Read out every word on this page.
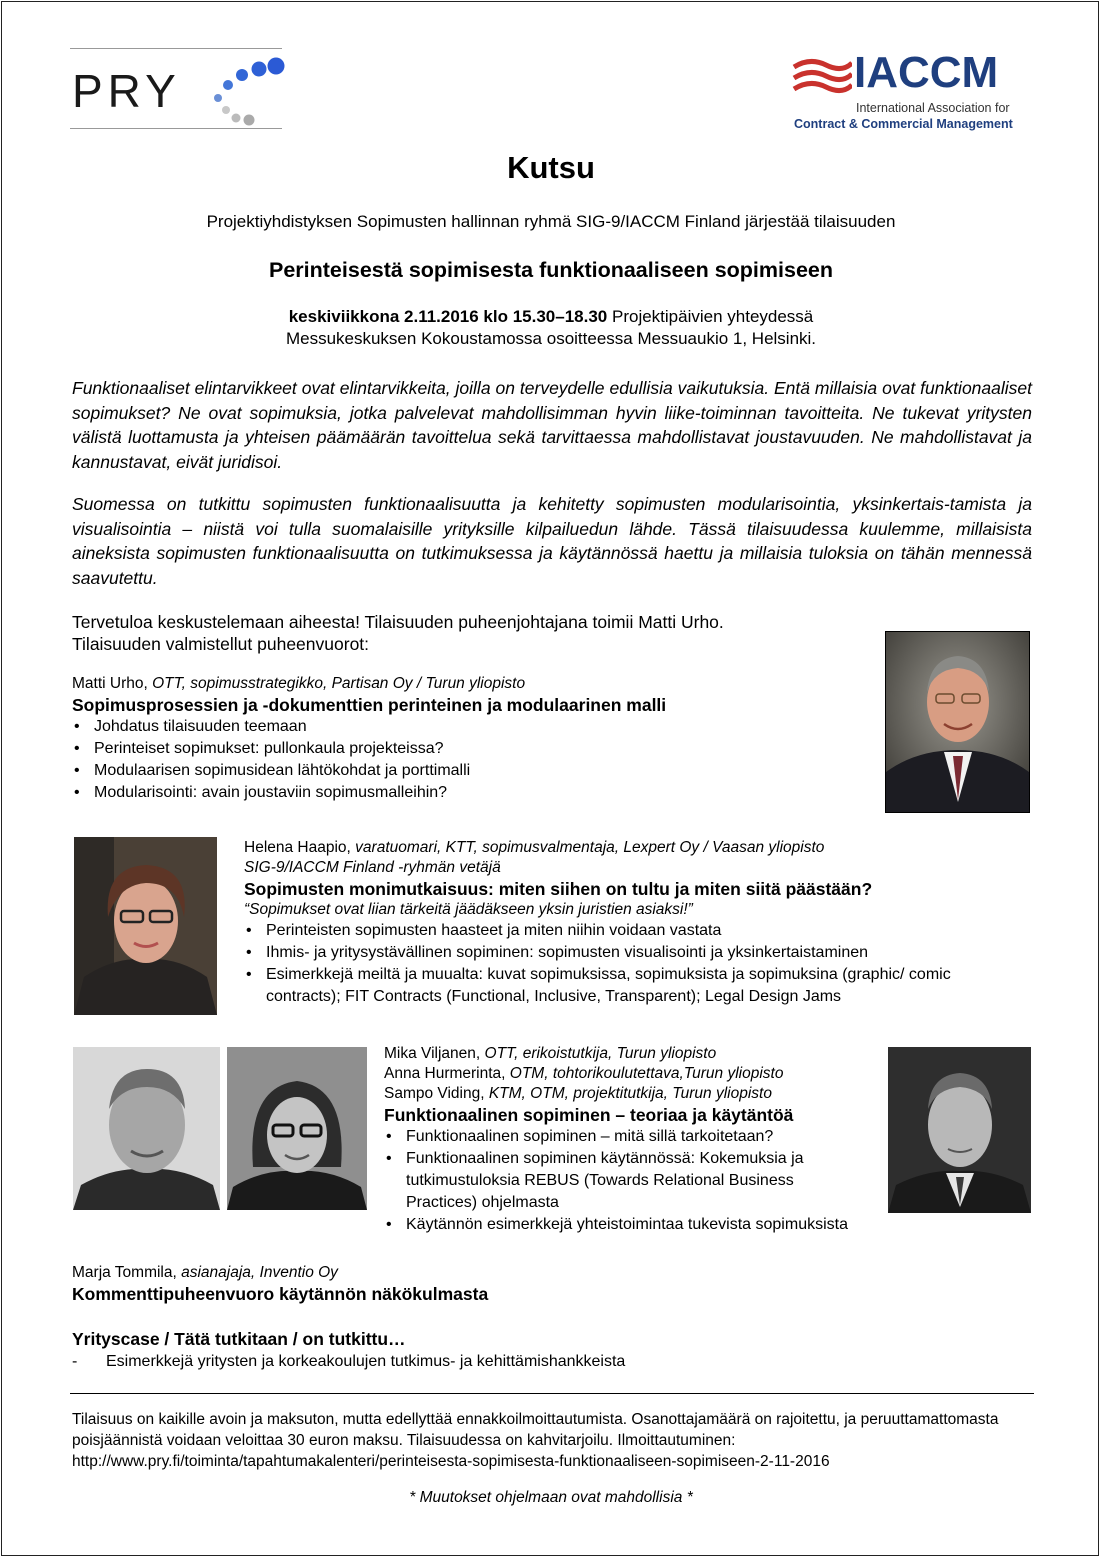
PRY	IACCM
International Association for
Contract & Commercial Management
Kutsu
Projektiyhdistyksen Sopimusten hallinnan ryhmä SIG-9/IACCM Finland järjestää tilaisuuden
Perinteisestä sopimisesta funktionaaliseen sopimiseen
keskiviikkona 2.11.2016 klo 15.30–18.30 Projektipäivien yhteydessä
Messukeskuksen Kokoustamossa osoitteessa Messuaukio 1, Helsinki.
Funktionaaliset elintarvikkeet ovat elintarvikkeita, joilla on terveydelle edullisia vaikutuksia. Entä millaisia ovat funktionaaliset sopimukset? Ne ovat sopimuksia, jotka palvelevat mahdollisimman hyvin liike-toiminnan tavoitteita. Ne tukevat yritysten välistä luottamusta ja yhteisen päämäärän tavoittelua sekä tarvittaessa mahdollistavat joustavuuden. Ne mahdollistavat ja kannustavat, eivät juridisoi.
Suomessa on tutkittu sopimusten funktionaalisuutta ja kehitetty sopimusten modularisointia, yksinkertais-tamista ja visualisointia – niistä voi tulla suomalaisille yrityksille kilpailuedun lähde. Tässä tilaisuudessa kuulemme, millaisista aineksista sopimusten funktionaalisuutta on tutkimuksessa ja käytännössä haettu ja millaisia tuloksia on tähän mennessä saavutettu.
Tervetuloa keskustelemaan aiheesta! Tilaisuuden puheenjohtajana toimii Matti Urho.
Tilaisuuden valmistellut puheenvuorot:
Matti Urho, OTT, sopimusstrategikko, Partisan Oy / Turun yliopisto
Sopimusprosessien ja -dokumenttien perinteinen ja modulaarinen malli
• Johdatus tilaisuuden teemaan
• Perinteiset sopimukset: pullonkaula projekteissa?
• Modulaarisen sopimusidean lähtökohdat ja porttimalli
• Modularisointi: avain joustaviin sopimusmalleihin?
Helena Haapio, varatuomari, KTT, sopimusvalmentaja, Lexpert Oy / Vaasan yliopisto
SIG-9/IACCM Finland -ryhmän vetäjä
Sopimusten monimutkaisuus: miten siihen on tultu ja miten siitä päästään?
“Sopimukset ovat liian tärkeitä jäädäkseen yksin juristien asiaksi!”
• Perinteisten sopimusten haasteet ja miten niihin voidaan vastata
• Ihmis- ja yritysystävällinen sopiminen: sopimusten visualisointi ja yksinkertaistaminen
• Esimerkkejä meiltä ja muualta: kuvat sopimuksissa, sopimuksista ja sopimuksina (graphic/ comic contracts); FIT Contracts (Functional, Inclusive, Transparent); Legal Design Jams
Mika Viljanen, OTT, erikoistutkija, Turun yliopisto
Anna Hurmerinta, OTM, tohtorikoulutettava,Turun yliopisto
Sampo Viding, KTM, OTM, projektitutkija, Turun yliopisto
Funktionaalinen sopiminen – teoriaa ja käytäntöä
• Funktionaalinen sopiminen – mitä sillä tarkoitetaan?
• Funktionaalinen sopiminen käytännössä: Kokemuksia ja tutkimustuloksia REBUS (Towards Relational Business Practices) ohjelmasta
• Käytännön esimerkkejä yhteistoimintaa tukevista sopimuksista
Marja Tommila, asianajaja, Inventio Oy
Kommenttipuheenvuoro käytännön näkökulmasta
Yrityscase / Tätä tutkitaan / on tutkittu…
- Esimerkkejä yritysten ja korkeakoulujen tutkimus- ja kehittämishankkeista
Tilaisuus on kaikille avoin ja maksuton, mutta edellyttää ennakkoilmoittautumista. Osanottajamäärä on rajoitettu, ja peruuttamattomasta poisjäännistä voidaan veloittaa 30 euron maksu. Tilaisuudessa on kahvitarjoilu. Ilmoittautuminen:
http://www.pry.fi/toiminta/tapahtumakalenteri/perinteisesta-sopimisesta-funktionaaliseen-sopimiseen-2-11-2016
* Muutokset ohjelmaan ovat mahdollisia *
